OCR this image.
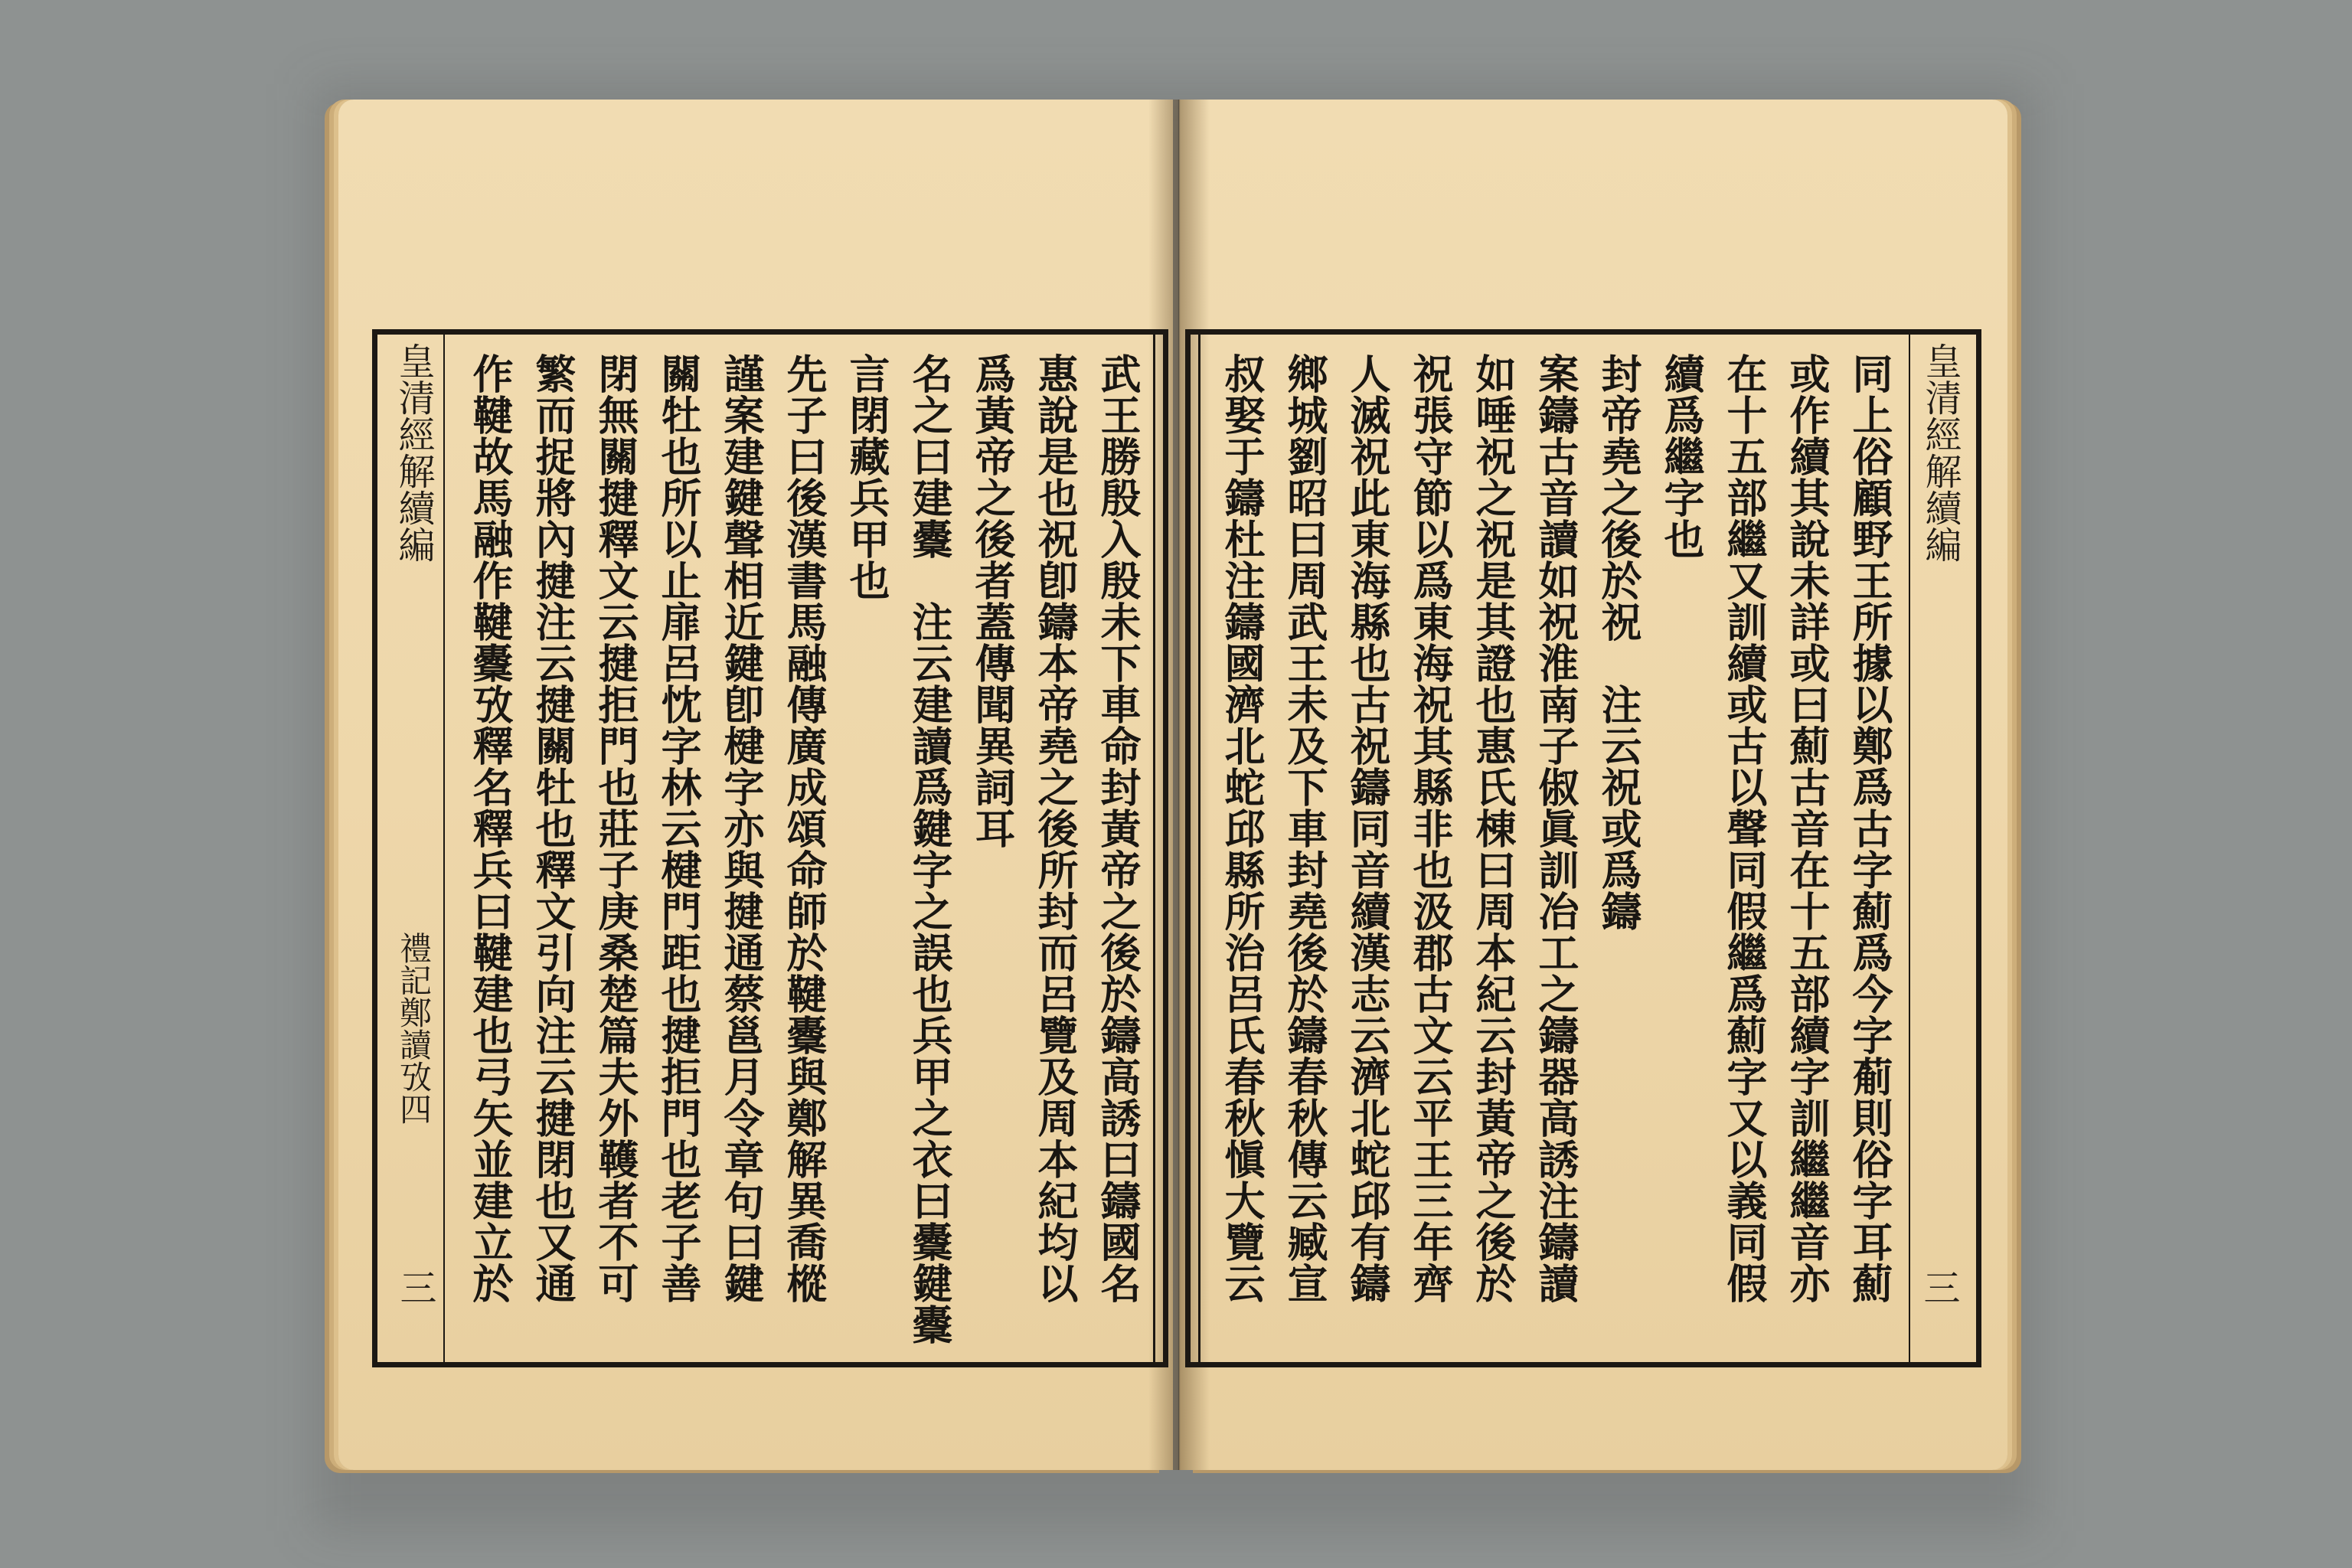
武王勝殷入殷未下車命封黃帝之後於鑄高誘曰鑄國名
惠說是也祝卽鑄本帝堯之後所封而呂覽及周本紀均以
爲黃帝之後者蓋傳聞異詞耳
名之曰建櫜　注云建讀爲鍵字之誤也兵甲之衣曰櫜鍵櫜
言閉藏兵甲也
先子曰後漢書馬融傳廣成頌命師於鞬櫜與鄭解異喬樅
謹案建鍵聲相近鍵卽楗字亦與揵通蔡邕月令章句曰鍵
關牡也所以止扉呂忱字林云楗門距也揵拒門也老子善
閉無關揵釋文云揵拒門也莊子庚桑楚篇夫外韄者不可
繁而捉將內揵注云揵關牡也釋文引向注云揵閉也又通
作鞬故馬融作鞬櫜攷釋名釋兵曰鞬建也弓矢並建立於
皇清經解續編
禮記鄭讀攷四
三
皇清經解續編
三
同上俗顧野王所據以鄭爲古字薊爲今字葪則俗字耳薊
或作續其說未詳或曰薊古音在十五部續字訓繼繼音亦
在十五部繼又訓續或古以聲同假繼爲薊字又以義同假
續爲繼字也
封帝堯之後於祝　注云祝或爲鑄
案鑄古音讀如祝淮南子俶眞訓冶工之鑄器高誘注鑄讀
如唾祝之祝是其證也惠氏棟曰周本紀云封黃帝之後於
祝張守節以爲東海祝其縣非也汲郡古文云平王三年齊
人滅祝此東海縣也古祝鑄同音續漢志云濟北蛇邱有鑄
鄉城劉昭曰周武王未及下車封堯後於鑄春秋傳云臧宣
叔娶于鑄杜注鑄國濟北蛇邱縣所治呂氏春秋愼大覽云
